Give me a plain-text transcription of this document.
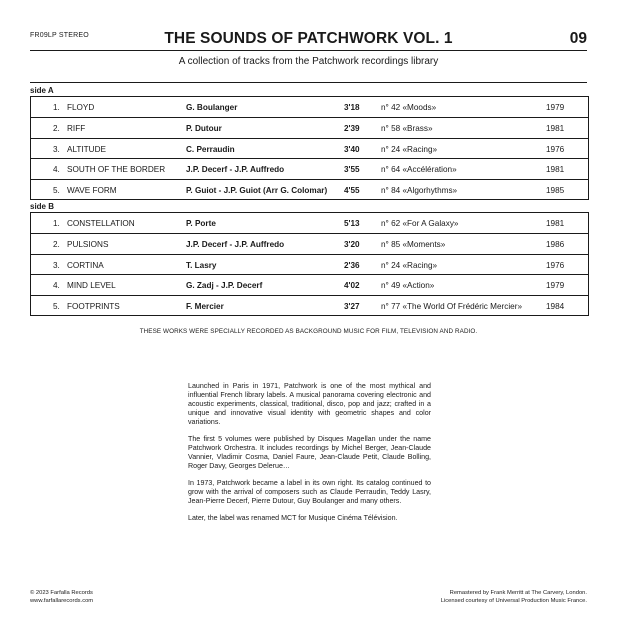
FR09LP STEREO	THE SOUNDS OF PATCHWORK VOL. 1	09
A collection of tracks from the Patchwork recordings library
side A
1. FLOYD	G. Boulanger	3'18	n° 42 «Moods»	1979
2. RIFF	P. Dutour	2'39	n° 58 «Brass»	1981
3. ALTITUDE	C. Perraudin	3'40	n° 24 «Racing»	1976
4. SOUTH OF THE BORDER	J.P. Decerf - J.P. Auffredo	3'55	n° 64 «Accélération»	1981
5. WAVE FORM	P. Guiot - J.P. Guiot (Arr G. Colomar) 4'55	n° 84 «Algorhythms»	1985
side B
1. CONSTELLATION	P. Porte	5'13	n° 62 «For A Galaxy»	1981
2. PULSIONS	J.P. Decerf - J.P. Auffredo	3'20	n° 85 «Moments»	1986
3. CORTINA	T. Lasry	2'36	n° 24 «Racing»	1976
4. MIND LEVEL	G. Zadj - J.P. Decerf	4'02	n° 49 «Action»	1979
5. FOOTPRINTS	F. Mercier	3'27	n° 77 «The World Of Frédéric Mercier»	1984
THESE WORKS WERE SPECIALLY RECORDED AS BACKGROUND MUSIC FOR FILM, TELEVISION AND RADIO.

Launched in Paris in 1971, Patchwork is one of the most mythical and influential French library labels. A musical panorama covering electronic and acoustic experiments, classical, traditional, disco, pop and jazz; crafted in a unique and innovative visual identity with geometric shapes and color variations.

The first 5 volumes were published by Disques Magellan under the name Patchwork Orchestra. It includes recordings by Michel Berger, Jean-Claude Vannier, Vladimir Cosma, Daniel Faure, Jean-Claude Petit, Claude Bolling, Roger Davy, Georges Delerue…

In 1973, Patchwork became a label in its own right. Its catalog continued to grow with the arrival of composers such as Claude Perraudin, Teddy Lasry, Jean-Pierre Decerf, Pierre Dutour, Guy Boulanger and many others.

Later, the label was renamed MCT for Musique Cinéma Télévision.

© 2023 Farfalla Records
www.farfallarecords.com
Remastered by Frank Merritt at The Carvery, London.
Licensed courtesy of Universal Production Music France.
